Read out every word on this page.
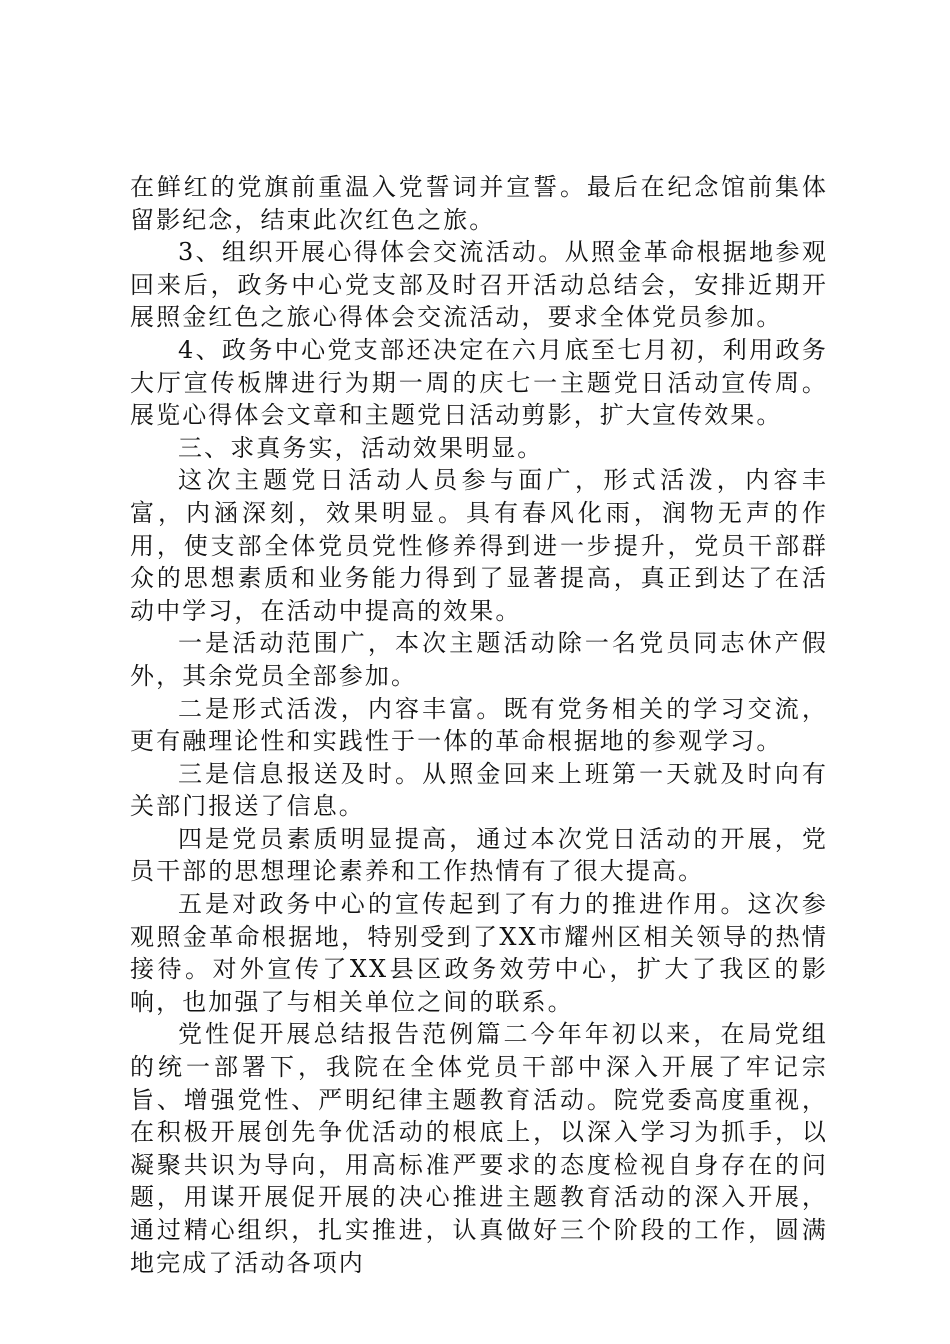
在鲜红的党旗前重温入党誓词并宣誓。最后在纪念馆前集体留影纪念，结束此次红色之旅。

3、组织开展心得体会交流活动。从照金革命根据地参观回来后，政务中心党支部及时召开活动总结会，安排近期开展照金红色之旅心得体会交流活动，要求全体党员参加。

4、政务中心党支部还决定在六月底至七月初，利用政务大厅宣传板牌进行为期一周的庆七一主题党日活动宣传周。展览心得体会文章和主题党日活动剪影，扩大宣传效果。

三、求真务实，活动效果明显。

这次主题党日活动人员参与面广，形式活泼，内容丰富，内涵深刻，效果明显。具有春风化雨，润物无声的作用，使支部全体党员党性修养得到进一步提升，党员干部群众的思想素质和业务能力得到了显著提高，真正到达了在活动中学习，在活动中提高的效果。

一是活动范围广，本次主题活动除一名党员同志休产假外，其余党员全部参加。

二是形式活泼，内容丰富。既有党务相关的学习交流，更有融理论性和实践性于一体的革命根据地的参观学习。

三是信息报送及时。从照金回来上班第一天就及时向有关部门报送了信息。

四是党员素质明显提高，通过本次党日活动的开展，党员干部的思想理论素养和工作热情有了很大提高。

五是对政务中心的宣传起到了有力的推进作用。这次参观照金革命根据地，特别受到了XX市耀州区相关领导的热情接待。对外宣传了XX县区政务效劳中心，扩大了我区的影响，也加强了与相关单位之间的联系。

党性促开展总结报告范例篇二今年年初以来，在局党组的统一部署下，我院在全体党员干部中深入开展了牢记宗旨、增强党性、严明纪律主题教育活动。院党委高度重视，在积极开展创先争优活动的根底上，以深入学习为抓手，以凝聚共识为导向，用高标准严要求的态度检视自身存在的问题，用谋开展促开展的决心推进主题教育活动的深入开展，通过精心组织，扎实推进，认真做好三个阶段的工作，圆满地完成了活动各项内
